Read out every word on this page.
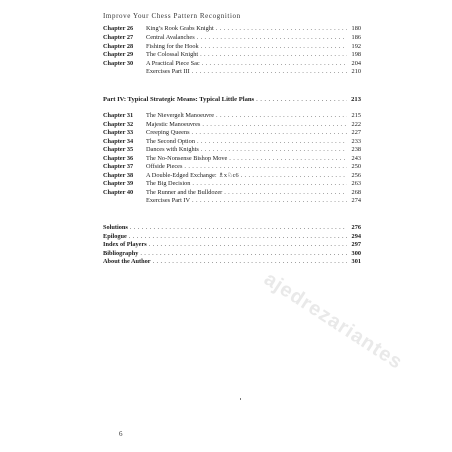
Improve Your Chess Pattern Recognition
Chapter 26 King’s Rook Grabs Knight . . .	180
Chapter 27 Central Avalanches . . .	186
Chapter 28 Fishing for the Hook . . .	192
Chapter 29 The Colossal Knight . . .	198
Chapter 30 A Practical Piece Sac . . .	204
Exercises Part III . . .	210
Part IV: Typical Strategic Means: Typical Little Plans . . .	213
Chapter 31 The Nievergelt Manoeuvre . . .	215
Chapter 32 Majestic Manoeuvres . . .	222
Chapter 33 Creeping Queens . . .	227
Chapter 34 The Second Option . . .	233
Chapter 35 Dances with Knights . . .	238
Chapter 36 The No-Nonsense Bishop Move . . .	243
Chapter 37 Offside Pieces . . .	250
Chapter 38 A Double-Edged Exchange: ♗x♘c6 . . .	256
Chapter 39 The Big Decision . . .	263
Chapter 40 The Runner and the Bulldozer . . .	268
Exercises Part IV . . .	274
Solutions . . .	276
Epilogue . . .	294
Index of Players . . .	297
Bibliography . . .	300
About the Author . . .	301
ajedrezariantes
6
